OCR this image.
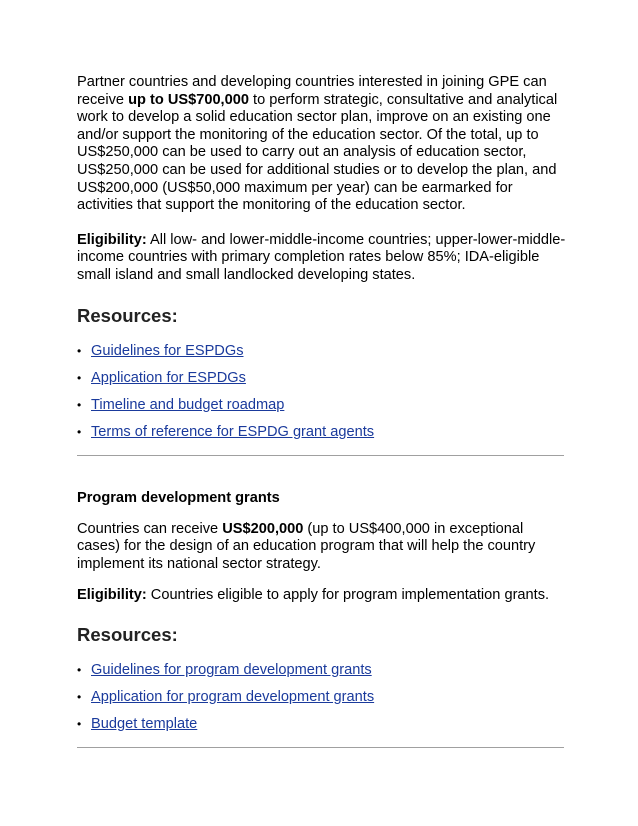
Partner countries and developing countries interested in joining GPE can receive up to US$700,000 to perform strategic, consultative and analytical work to develop a solid education sector plan, improve on an existing one and/or support the monitoring of the education sector. Of the total, up to US$250,000 can be used to carry out an analysis of education sector, US$250,000 can be used for additional studies or to develop the plan, and US$200,000 (US$50,000 maximum per year) can be earmarked for activities that support the monitoring of the education sector.

Eligibility: All low- and lower-middle-income countries; upper-lower-middle-income countries with primary completion rates below 85%; IDA-eligible small island and small landlocked developing states.

Resources:
• Guidelines for ESPDGs
• Application for ESPDGs
• Timeline and budget roadmap
• Terms of reference for ESPDG grant agents
Program development grants

Countries can receive US$200,000 (up to US$400,000 in exceptional cases) for the design of an education program that will help the country implement its national sector strategy.

Eligibility: Countries eligible to apply for program implementation grants.

Resources:
• Guidelines for program development grants
• Application for program development grants
• Budget template
